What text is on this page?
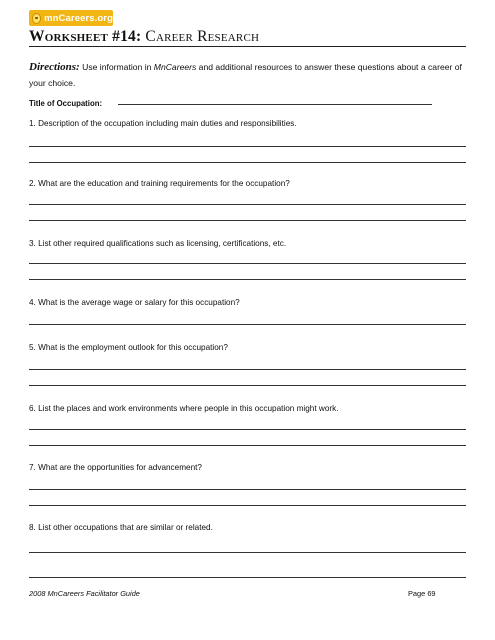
mnCareers.org
Worksheet #14: Career Research
Directions: Use information in MnCareers and additional resources to answer these questions about a career of your choice.
Title of Occupation:
1. Description of the occupation including main duties and responsibilities.
2. What are the education and training requirements for the occupation?
3. List other required qualifications such as licensing, certifications, etc.
4. What is the average wage or salary for this occupation?
5. What is the employment outlook for this occupation?
6. List the places and work environments where people in this occupation might work.
7. What are the opportunities for advancement?
8. List other occupations that are similar or related.
2008 MnCareers Facilitator Guide	Page 69
